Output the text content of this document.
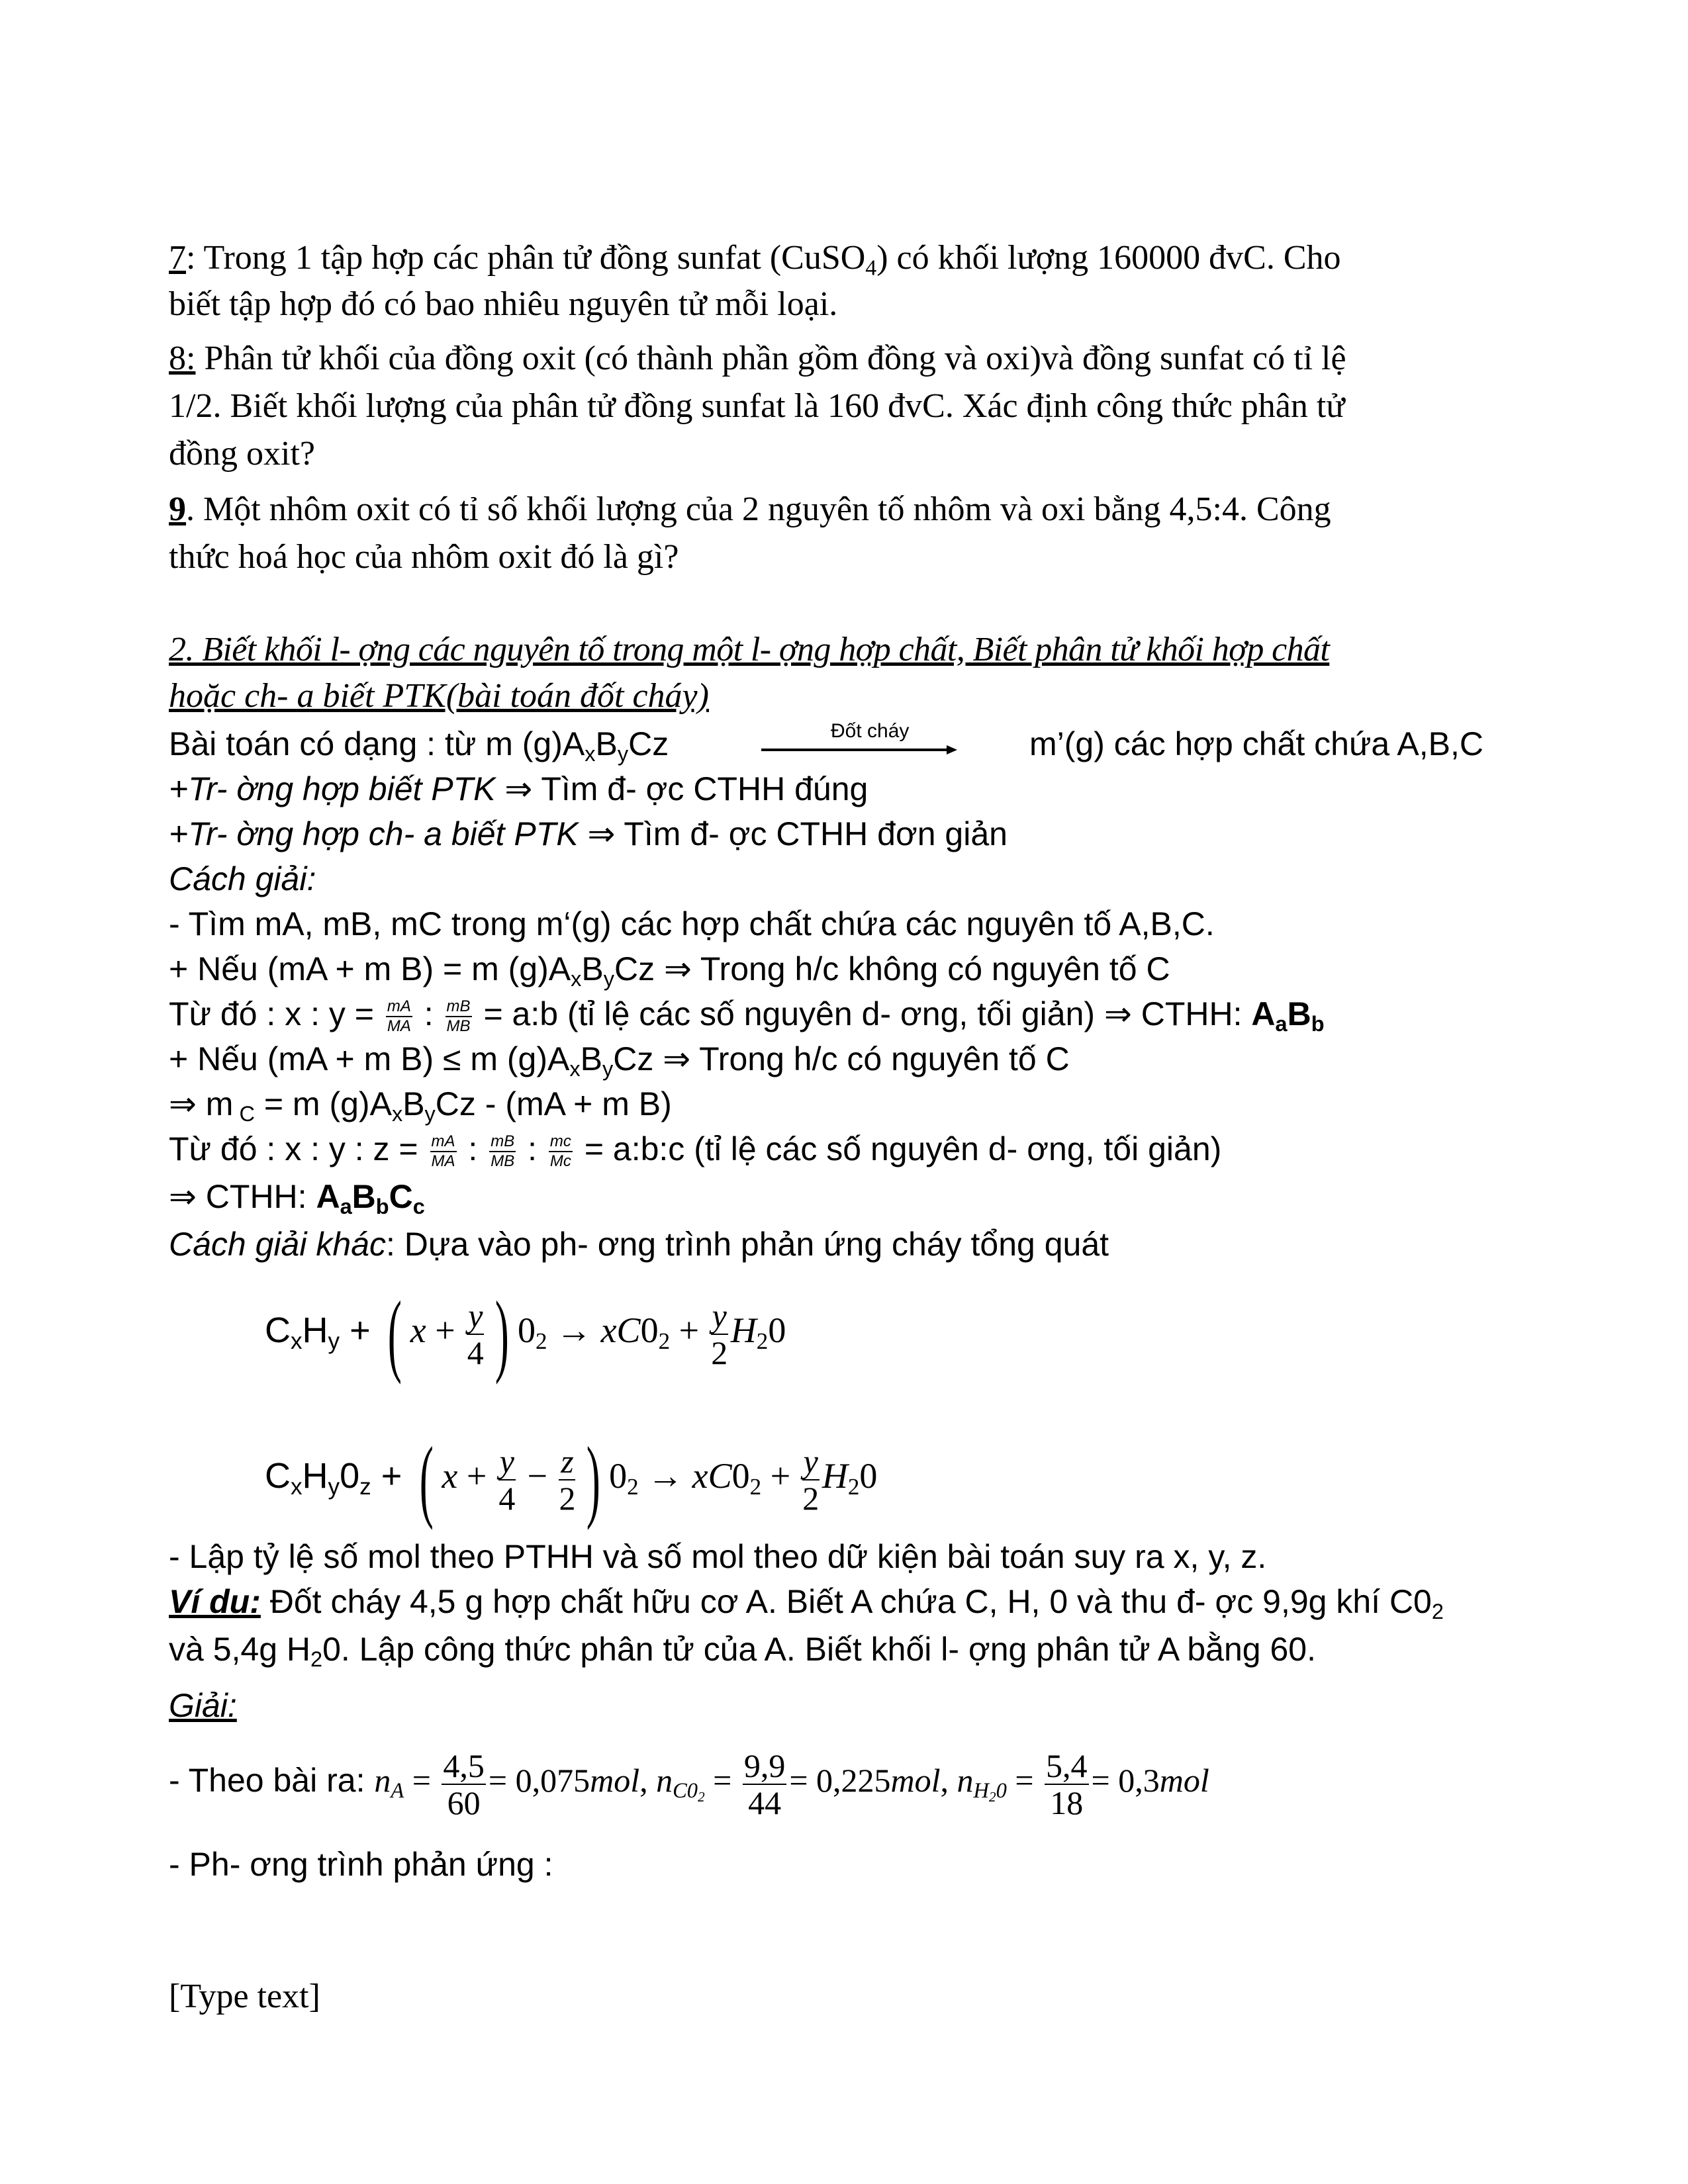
7: Trong 1 tập hợp các phân tử đồng sunfat (CuSO$_4$) có khối lượng 160000 đvC. Cho
biết tập hợp đó có bao nhiêu nguyên tử mỗi loại.
8: Phân tử khối của đồng oxit (có thành phần gồm đồng và oxi)và đồng sunfat có tỉ lệ
1/2. Biết khối lượng của phân tử đồng sunfat là 160 đvC. Xác định công thức phân tử
đồng oxit?
9. Một nhôm oxit có tỉ số khối lượng của 2 nguyên tố nhôm và oxi bằng 4,5:4. Công
thức hoá học của nhôm oxit đó là gì?
2. Biết khối l- ợng các nguyên tố trong một l- ợng hợp chất, Biết phân tử khối hợp chất
hoặc ch- a biết PTK(bài toán đốt cháy)
Bài toán có dạng : từ m $(g)A_xB_yCz$	Đốt cháy	m’(g) các hợp chất chứa A,B,C
+Tr- ờng hợp biết PTK ⇒ Tìm đ- ợc CTHH đúng
+Tr- ờng hợp ch- a biết PTK ⇒ Tìm đ- ợc CTHH đơn giản
Cách giải:
- Tìm mA, mB, mC trong m‘(g) các hợp chất chứa các nguyên tố A,B,C.
+ Nếu (mA + m B) = m $(g)A_xB_yCz$ ⇒ Trong h/c không có nguyên tố C
Từ đó : x : $y = \frac{mA}{MA}$ : $\frac{mB}{MB}$ = a:b (tỉ lệ các số nguyên d- ơng, tối giản) ⇒ CTHH: $A_aB_b$
+ Nếu (mA + m B) ≤ m $(g)A_xB_yCz$ ⇒ Trong h/c có nguyên tố C
⇒ m $_C$ = m $(g)A_xB_yCz - (mA + m$ B)
Từ đó : x : y : $z = \frac{mA}{MA}$ : $\frac{mB}{MB}$ : $\frac{mc}{Mc}$ = a:b:c (tỉ lệ các số nguyên d- ơng, tối giản)
⇒ CTHH: $A_aB_bC_c$
Cách giải khác: Dựa vào ph- ơng trình phản ứng cháy tổng quát
$C_xH_y$ + ( $x + \frac{y}{4}$ ) $0_2 \to xC0_2 + \frac{y}{2} H_20$
$C_xH_y0_z$ + ( $x + \frac{y}{4} - \frac{z}{2}$ ) $0_2 \to xC0_2 + \frac{y}{2} H_20$
- Lập tỷ lệ số mol theo PTHH và số mol theo dữ kiện bài toán suy ra x, y, z.
Ví du: Đốt cháy 4,5 g hợp chất hữu cơ A. Biết A chứa C, H, 0 và thu đ- ợc 9,9g khí $C0_2$
và 5,4g $H_20$. Lập công thức phân tử của A. Biết khối l- ợng phân tử A bằng 60.
Giải:
- Theo bài ra: $n_A = \frac{4,5}{60} = 0,075mol$, $n_{C0_2} = \frac{9,9}{44} = 0,225mol$, $n_{H_20} = \frac{5,4}{18} = 0,3mol$
- Ph- ơng trình phản ứng :
[Type text]
